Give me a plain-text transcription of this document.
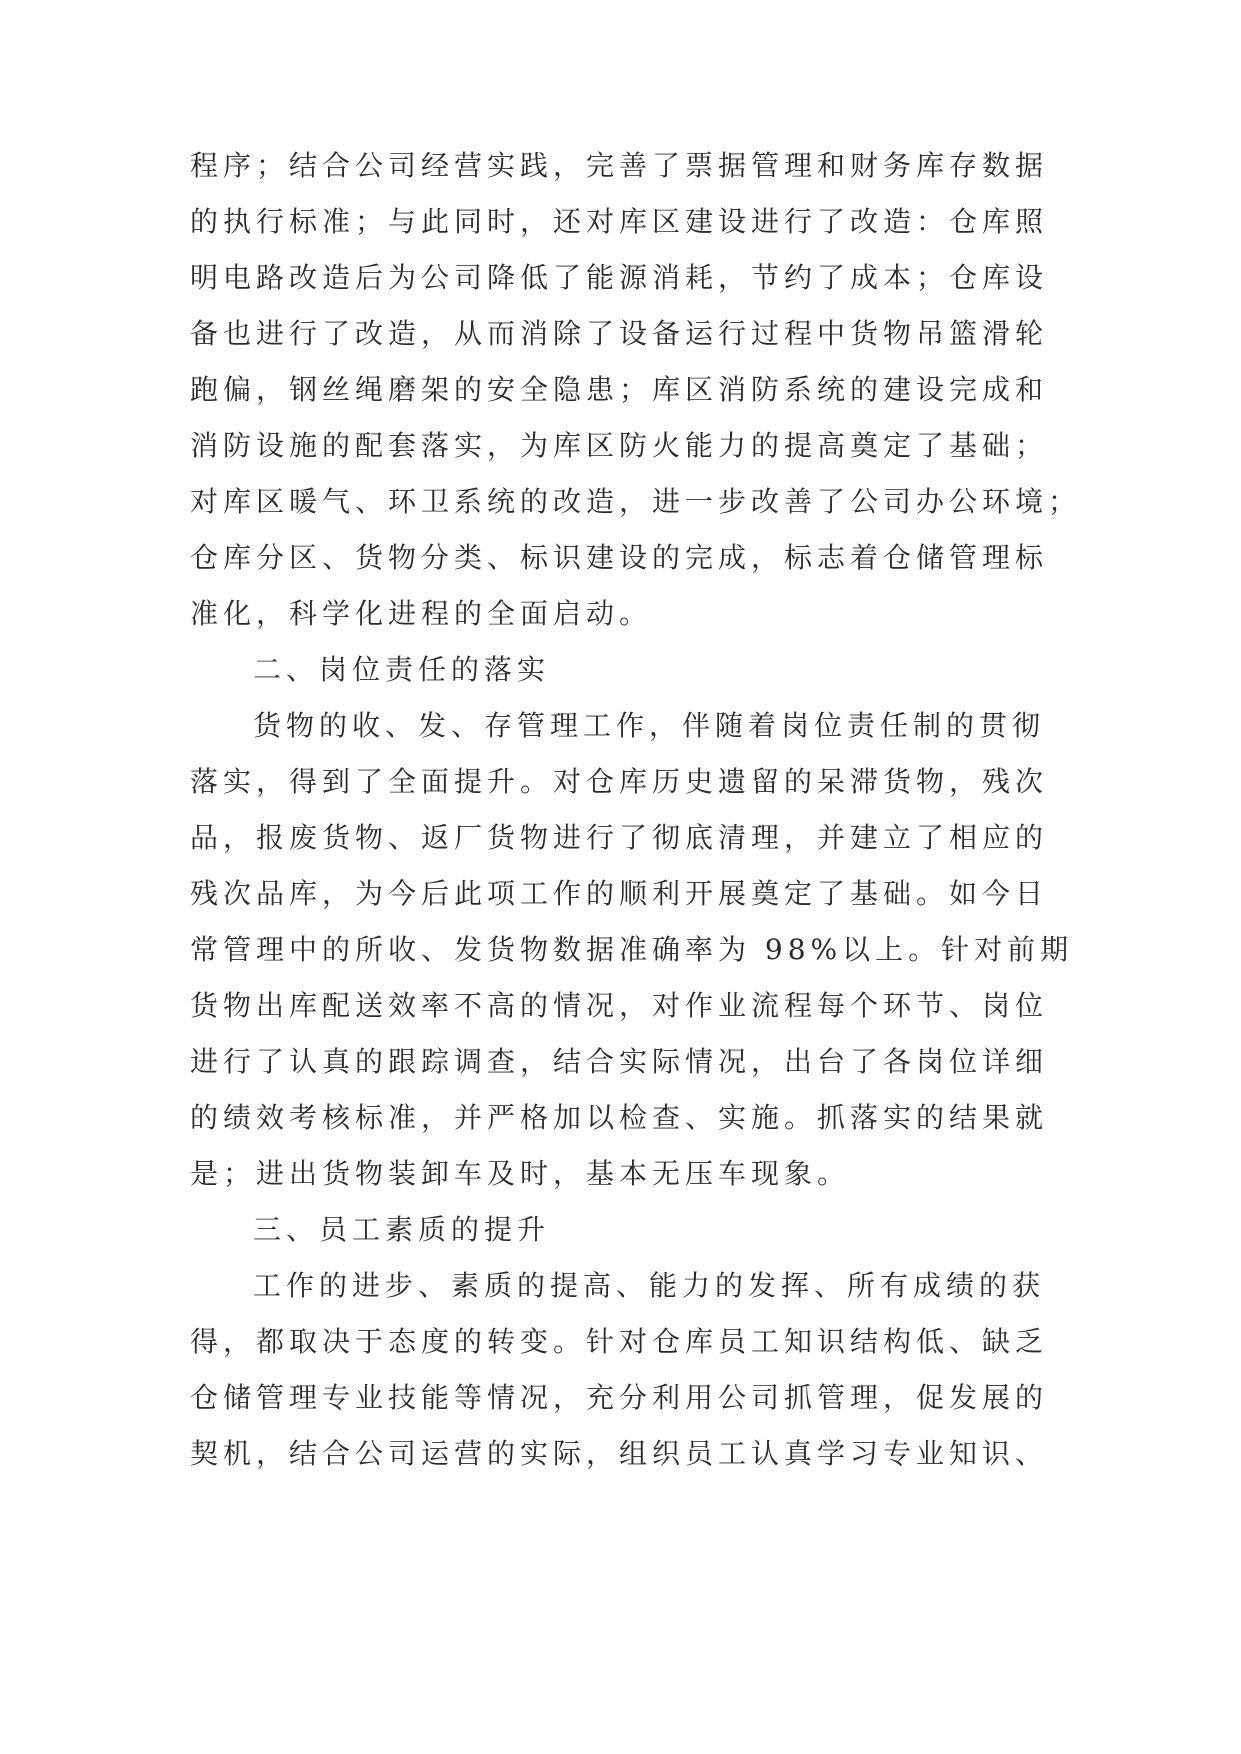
程序；结合公司经营实践，完善了票据管理和财务库存数据
的执行标准；与此同时，还对库区建设进行了改造：仓库照
明电路改造后为公司降低了能源消耗，节约了成本；仓库设
备也进行了改造，从而消除了设备运行过程中货物吊篮滑轮
跑偏，钢丝绳磨架的安全隐患；库区消防系统的建设完成和
消防设施的配套落实，为库区防火能力的提高奠定了基础；
对库区暖气、环卫系统的改造，进一步改善了公司办公环境；
仓库分区、货物分类、标识建设的完成，标志着仓储管理标
准化，科学化进程的全面启动。
二、岗位责任的落实
货物的收、发、存管理工作，伴随着岗位责任制的贯彻
落实，得到了全面提升。对仓库历史遗留的呆滞货物，残次
品，报废货物、返厂货物进行了彻底清理，并建立了相应的
残次品库，为今后此项工作的顺利开展奠定了基础。如今日
常管理中的所收、发货物数据准确率为 98%以上。针对前期
货物出库配送效率不高的情况，对作业流程每个环节、岗位
进行了认真的跟踪调查，结合实际情况，出台了各岗位详细
的绩效考核标准，并严格加以检查、实施。抓落实的结果就
是；进出货物装卸车及时，基本无压车现象。
三、员工素质的提升
工作的进步、素质的提高、能力的发挥、所有成绩的获
得，都取决于态度的转变。针对仓库员工知识结构低、缺乏
仓储管理专业技能等情况，充分利用公司抓管理，促发展的
契机，结合公司运营的实际，组织员工认真学习专业知识、
